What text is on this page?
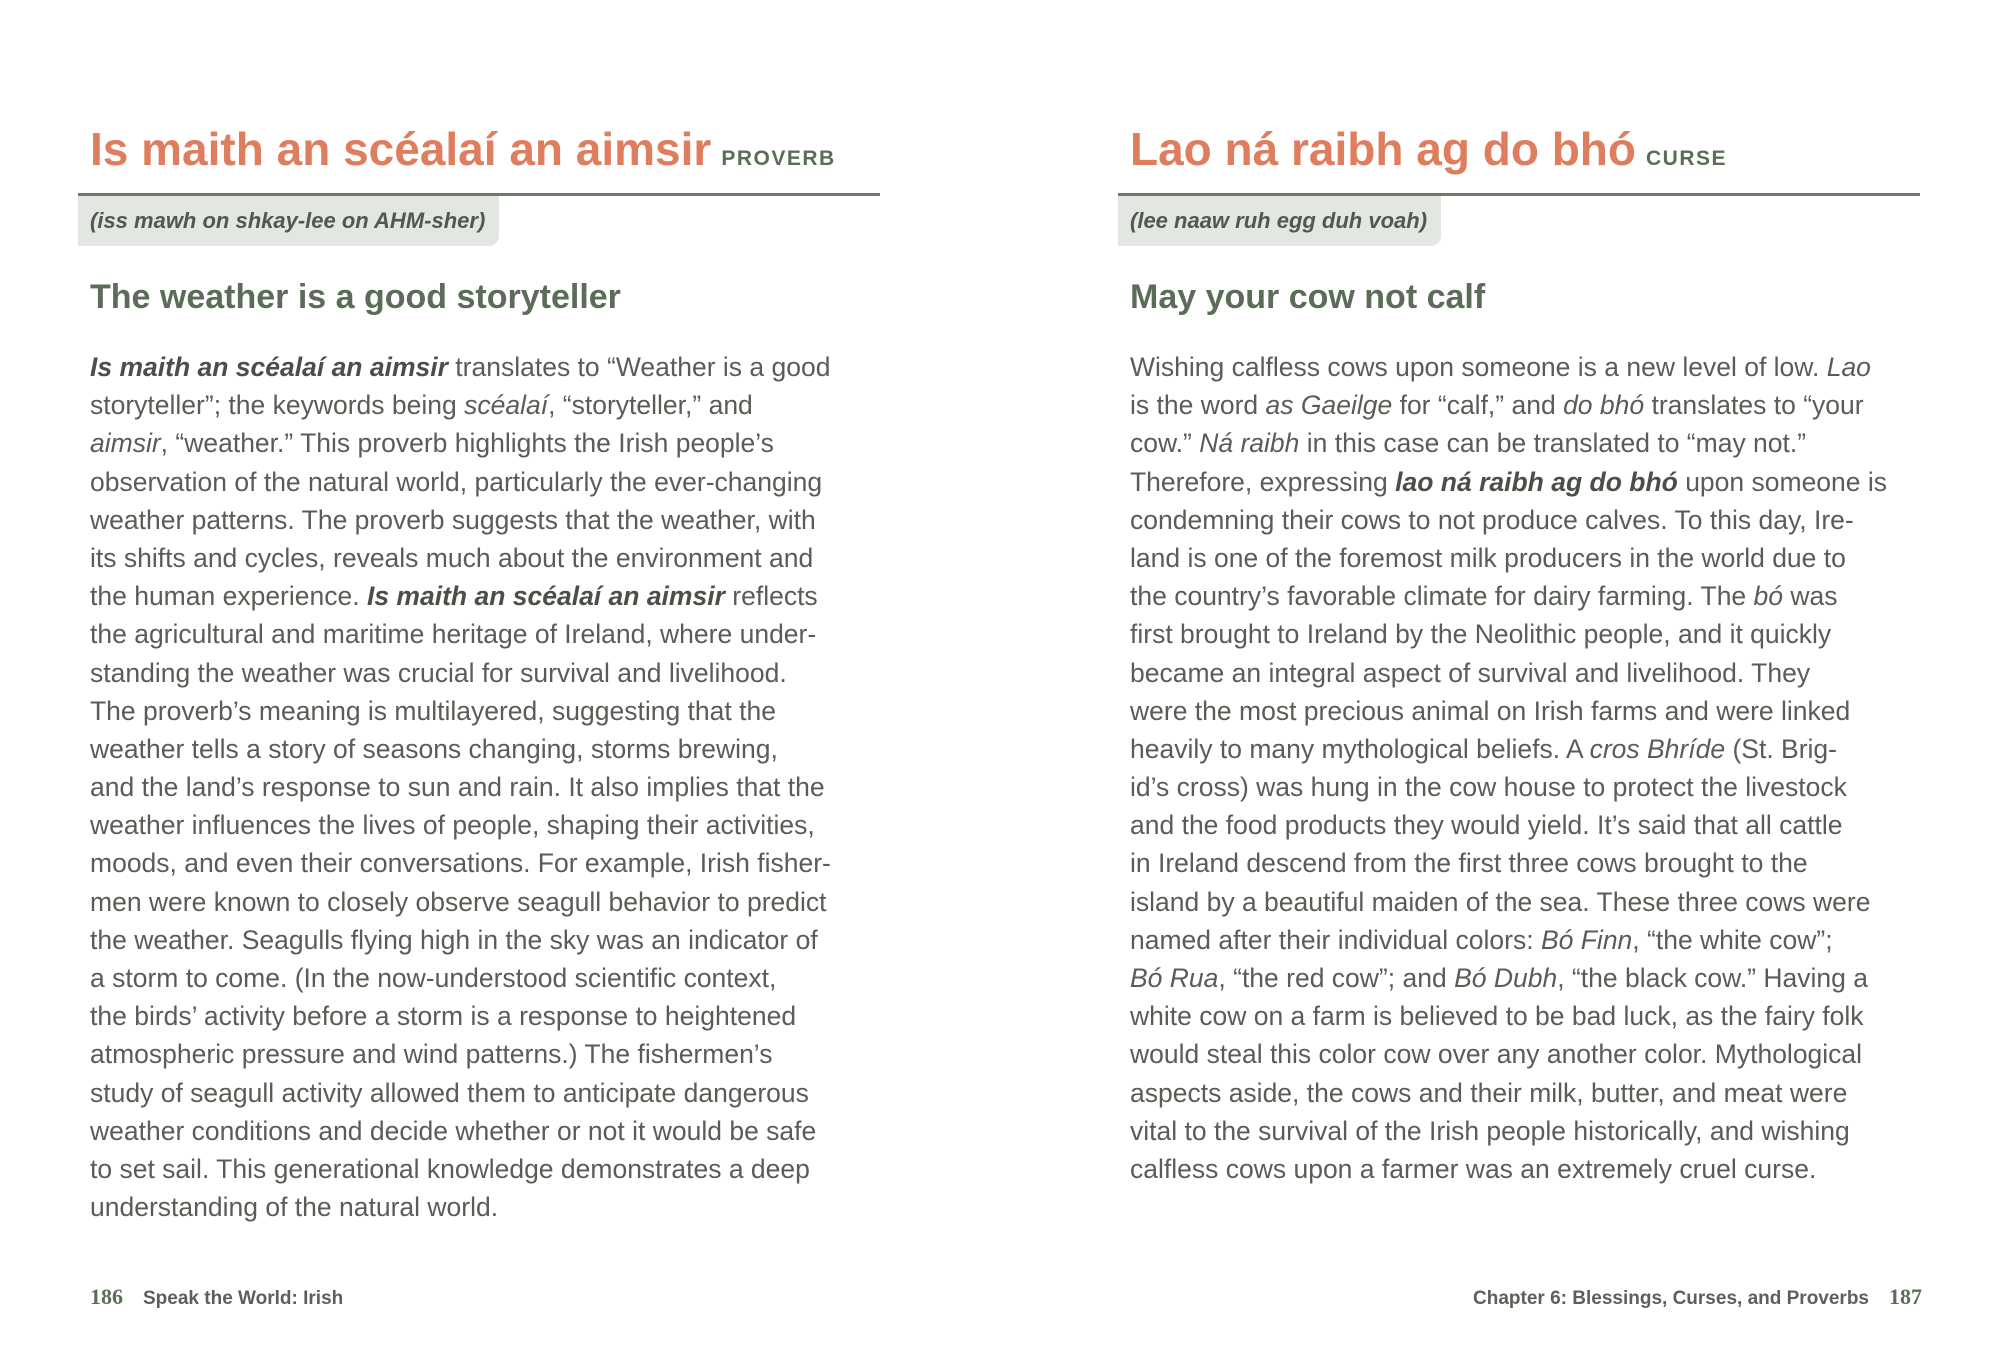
Is maith an scéalaí an aimsir PROVERB
(iss mawh on shkay-lee on AHM-sher)
The weather is a good storyteller
Is maith an scéalaí an aimsir translates to “Weather is a good
storyteller”; the keywords being scéalaí, “storyteller,” and
aimsir, “weather.” This proverb highlights the Irish people’s
observation of the natural world, particularly the ever-changing
weather patterns. The proverb suggests that the weather, with
its shifts and cycles, reveals much about the environment and
the human experience. Is maith an scéalaí an aimsir reflects
the agricultural and maritime heritage of Ireland, where under-
standing the weather was crucial for survival and livelihood.
The proverb’s meaning is multilayered, suggesting that the
weather tells a story of seasons changing, storms brewing,
and the land’s response to sun and rain. It also implies that the
weather influences the lives of people, shaping their activities,
moods, and even their conversations. For example, Irish fisher-
men were known to closely observe seagull behavior to predict
the weather. Seagulls flying high in the sky was an indicator of
a storm to come. (In the now-understood scientific context,
the birds’ activity before a storm is a response to heightened
atmospheric pressure and wind patterns.) The fishermen’s
study of seagull activity allowed them to anticipate dangerous
weather conditions and decide whether or not it would be safe
to set sail. This generational knowledge demonstrates a deep
understanding of the natural world.
Lao ná raibh ag do bhó CURSE
(lee naaw ruh egg duh voah)
May your cow not calf
Wishing calfless cows upon someone is a new level of low. Lao
is the word as Gaeilge for “calf,” and do bhó translates to “your
cow.” Ná raibh in this case can be translated to “may not.”
Therefore, expressing lao ná raibh ag do bhó upon someone is
condemning their cows to not produce calves. To this day, Ire-
land is one of the foremost milk producers in the world due to
the country’s favorable climate for dairy farming. The bó was
first brought to Ireland by the Neolithic people, and it quickly
became an integral aspect of survival and livelihood. They
were the most precious animal on Irish farms and were linked
heavily to many mythological beliefs. A cros Bhríde (St. Brig-
id’s cross) was hung in the cow house to protect the livestock
and the food products they would yield. It’s said that all cattle
in Ireland descend from the first three cows brought to the
island by a beautiful maiden of the sea. These three cows were
named after their individual colors: Bó Finn, “the white cow”;
Bó Rua, “the red cow”; and Bó Dubh, “the black cow.” Having a
white cow on a farm is believed to be bad luck, as the fairy folk
would steal this color cow over any another color. Mythological
aspects aside, the cows and their milk, butter, and meat were
vital to the survival of the Irish people historically, and wishing
calfless cows upon a farmer was an extremely cruel curse.
186 Speak the World: Irish	Chapter 6: Blessings, Curses, and Proverbs 187
